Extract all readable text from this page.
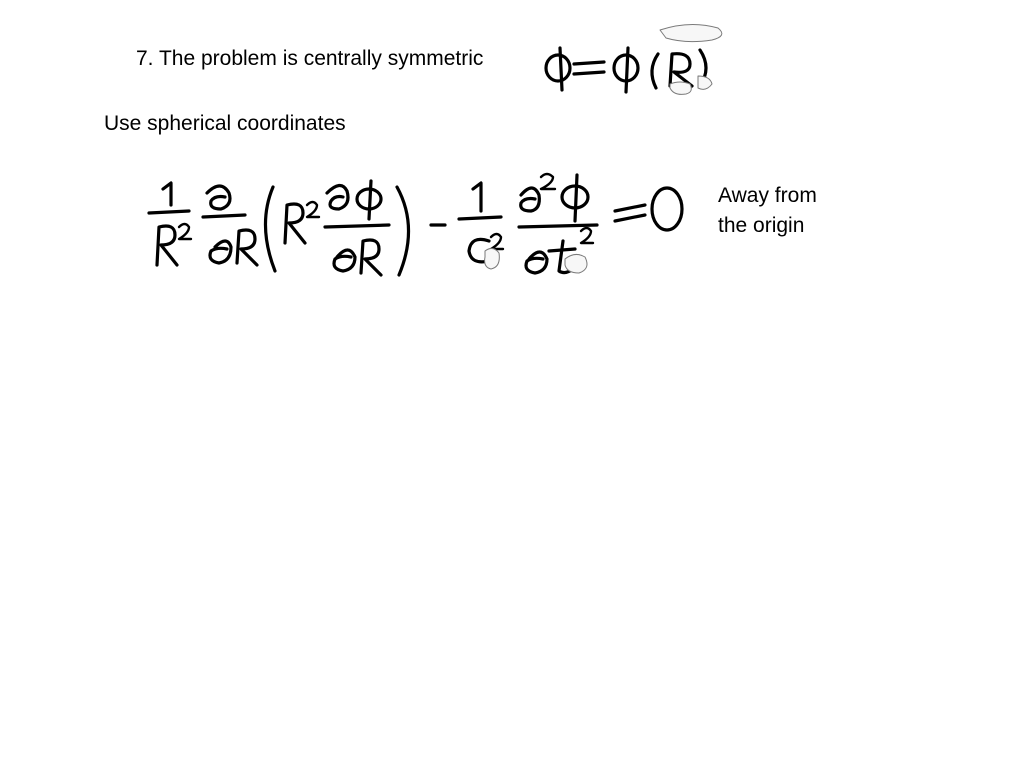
7. The problem is centrally symmetric
Use spherical coordinates
Away from
the origin
